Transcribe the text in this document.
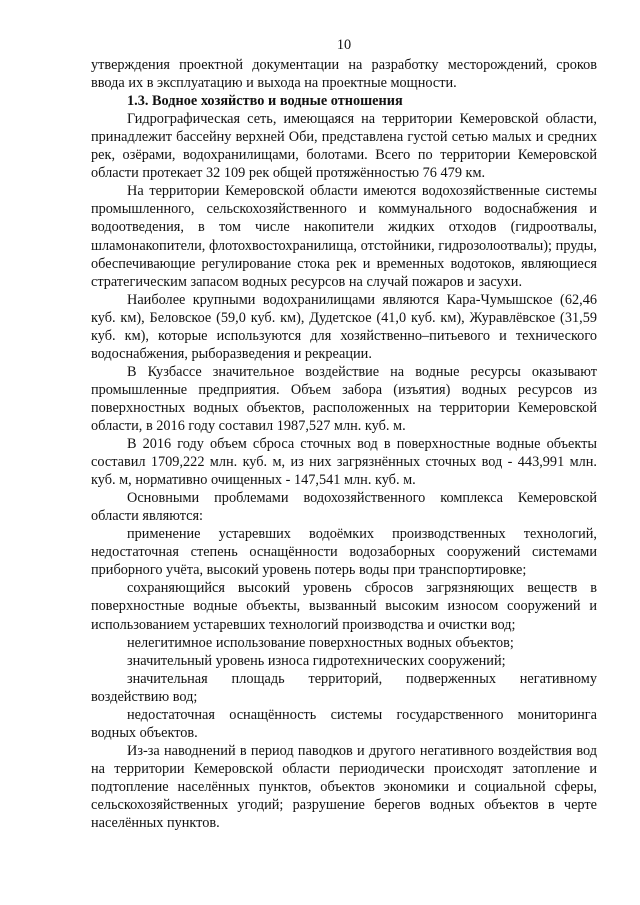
10

утверждения проектной документации на разработку месторождений, сроков ввода их в эксплуатацию и выхода на проектные мощности.

1.3. Водное хозяйство и водные отношения

Гидрографическая сеть, имеющаяся на территории Кемеровской области, принадлежит бассейну верхней Оби, представлена густой сетью малых и средних рек, озёрами, водохранилищами, болотами. Всего по территории Кемеровской области протекает 32 109 рек общей протяжённостью 76 479 км.

На территории Кемеровской области имеются водохозяйственные системы промышленного, сельскохозяйственного и коммунального водоснабжения и водоотведения, в том числе накопители жидких отходов (гидроотвалы, шламонакопители, флотохвостохранилища, отстойники, гидрозолоотвалы); пруды, обеспечивающие регулирование стока рек и временных водотоков, являющиеся стратегическим запасом водных ресурсов на случай пожаров и засухи.

Наиболее крупными водохранилищами являются Кара-Чумышское (62,46 куб. км), Беловское (59,0 куб. км), Дудетское (41,0 куб. км), Журавлёвское (31,59 куб. км), которые используются для хозяйственно–питьевого и технического водоснабжения, рыборазведения и рекреации.

В Кузбассе значительное воздействие на водные ресурсы оказывают промышленные предприятия. Объем забора (изъятия) водных ресурсов из поверхностных водных объектов, расположенных на территории Кемеровской области, в 2016 году составил 1987,527 млн. куб. м.

В 2016 году объем сброса сточных вод в поверхностные водные объекты составил 1709,222 млн. куб. м, из них загрязнённых сточных вод - 443,991 млн. куб. м, нормативно очищенных - 147,541 млн. куб. м.

Основными проблемами водохозяйственного комплекса Кемеровской области являются:

применение устаревших водоёмких производственных технологий, недостаточная степень оснащённости водозаборных сооружений системами приборного учёта, высокий уровень потерь воды при транспортировке;

сохраняющийся высокий уровень сбросов загрязняющих веществ в поверхностные водные объекты, вызванный высоким износом сооружений и использованием устаревших технологий производства и очистки вод;

нелегитимное использование поверхностных водных объектов;

значительный уровень износа гидротехнических сооружений;

значительная площадь территорий, подверженных негативному воздействию вод;

недостаточная оснащённость системы государственного мониторинга водных объектов.

Из-за наводнений в период паводков и другого негативного воздействия вод на территории Кемеровской области периодически происходят затопление и подтопление населённых пунктов, объектов экономики и социальной сферы, сельскохозяйственных угодий; разрушение берегов водных объектов в черте населённых пунктов.
